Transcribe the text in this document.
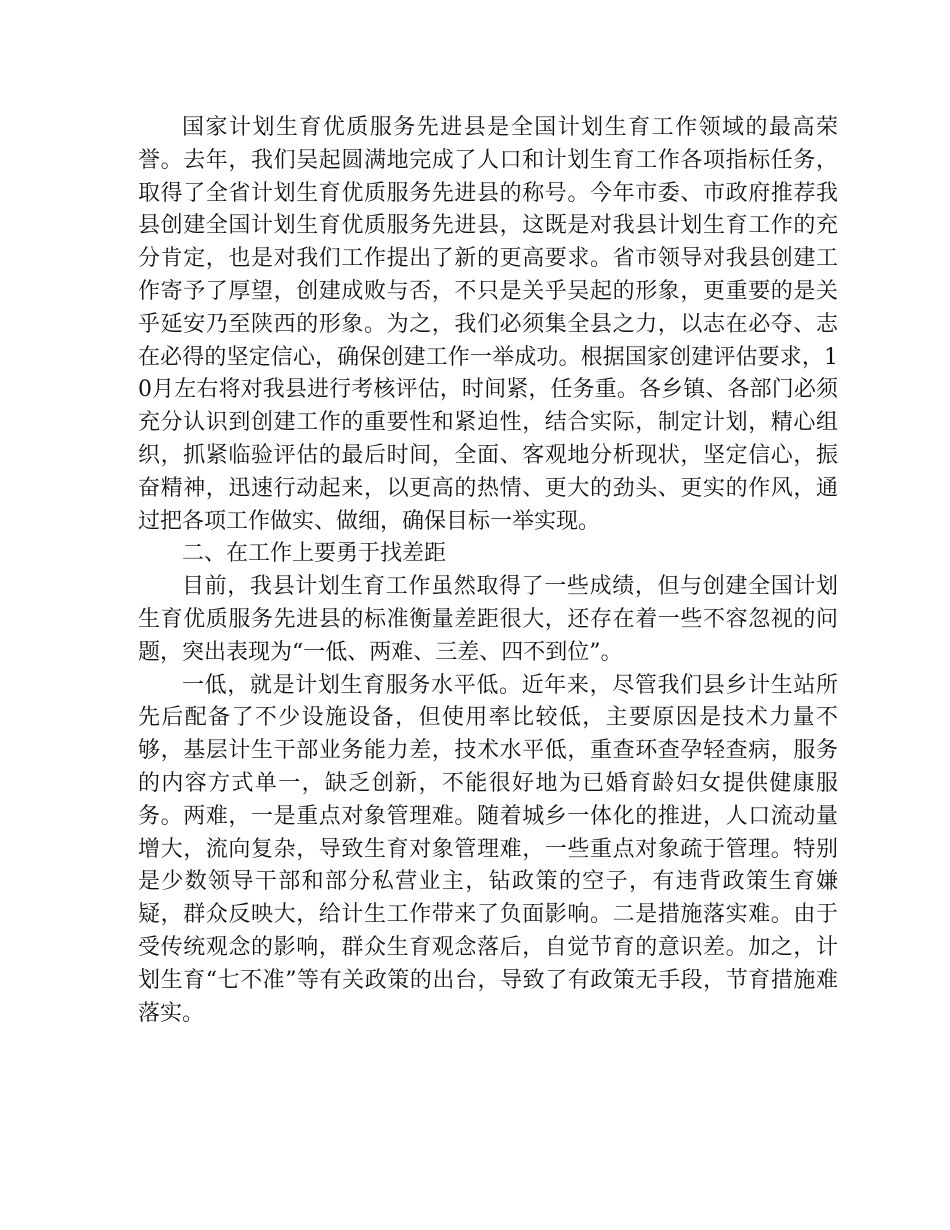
国家计划生育优质服务先进县是全国计划生育工作领域的最高荣誉。去年，我们吴起圆满地完成了人口和计划生育工作各项指标任务，取得了全省计划生育优质服务先进县的称号。今年市委、市政府推荐我县创建全国计划生育优质服务先进县，这既是对我县计划生育工作的充分肯定，也是对我们工作提出了新的更高要求。省市领导对我县创建工作寄予了厚望，创建成败与否，不只是关乎吴起的形象，更重要的是关乎延安乃至陕西的形象。为之，我们必须集全县之力，以志在必夺、志在必得的坚定信心，确保创建工作一举成功。根据国家创建评估要求，10月左右将对我县进行考核评估，时间紧，任务重。各乡镇、各部门必须充分认识到创建工作的重要性和紧迫性，结合实际，制定计划，精心组织，抓紧临验评估的最后时间，全面、客观地分析现状，坚定信心，振奋精神，迅速行动起来，以更高的热情、更大的劲头、更实的作风，通过把各项工作做实、做细，确保目标一举实现。

二、在工作上要勇于找差距

目前，我县计划生育工作虽然取得了一些成绩，但与创建全国计划生育优质服务先进县的标准衡量差距很大，还存在着一些不容忽视的问题，突出表现为“一低、两难、三差、四不到位”。

一低，就是计划生育服务水平低。近年来，尽管我们县乡计生站所先后配备了不少设施设备，但使用率比较低，主要原因是技术力量不够，基层计生干部业务能力差，技术水平低，重查环查孕轻查病，服务的内容方式单一，缺乏创新，不能很好地为已婚育龄妇女提供健康服务。两难，一是重点对象管理难。随着城乡一体化的推进，人口流动量增大，流向复杂，导致生育对象管理难，一些重点对象疏于管理。特别是少数领导干部和部分私营业主，钻政策的空子，有违背政策生育嫌疑，群众反映大，给计生工作带来了负面影响。二是措施落实难。由于受传统观念的影响，群众生育观念落后，自觉节育的意识差。加之，计划生育“七不准”等有关政策的出台，导致了有政策无手段，节育措施难落实。
